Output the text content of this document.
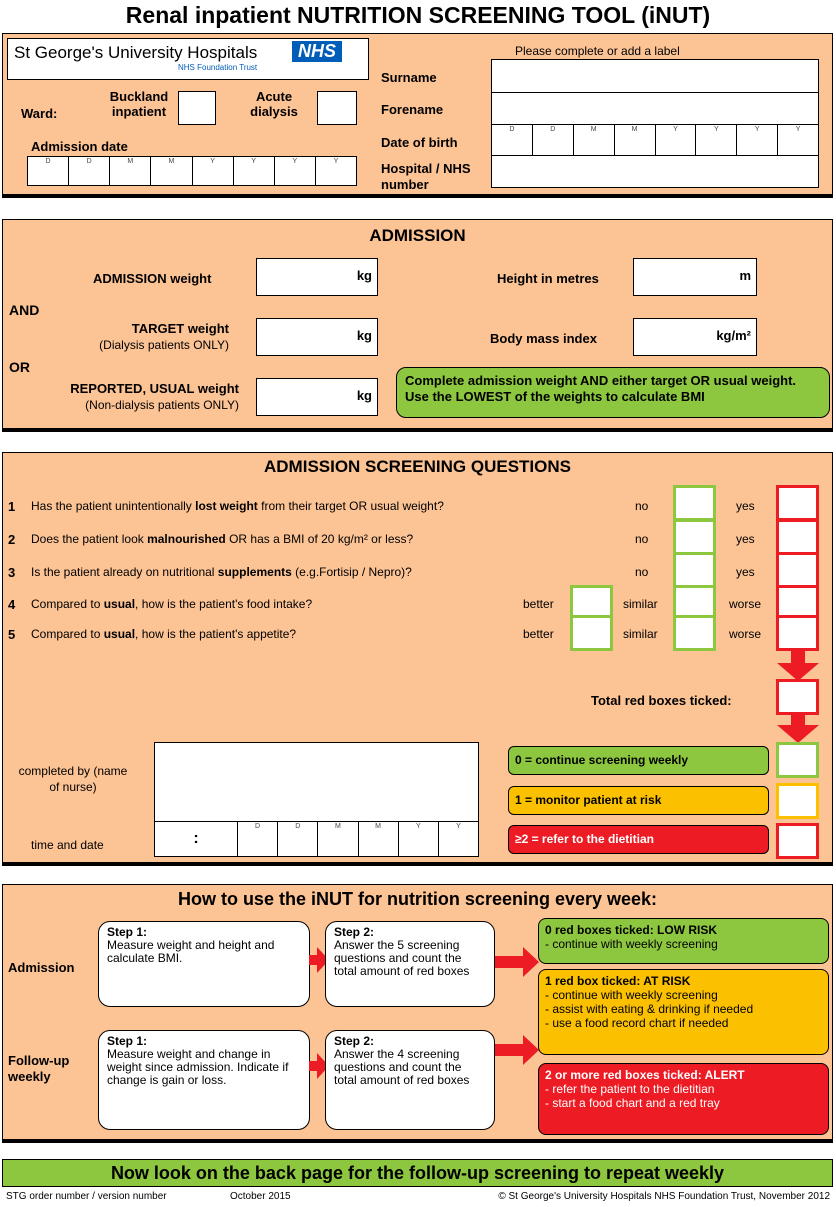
Renal inpatient NUTRITION SCREENING TOOL (iNUT)
St George's University Hospitals	NHS
NHS Foundation Trust
Ward:
Buckland inpatient
Acute dialysis
Admission date
D	D	M	M	Y	Y	Y	Y
Please complete or add a label
Surname
Forename
Date of birth
D	D	M	M	Y	Y	Y	Y
Hospital / NHS number
ADMISSION
ADMISSION weight	kg
AND
TARGET weight
(Dialysis patients ONLY)
kg
OR
REPORTED, USUAL weight
(Non-dialysis patients ONLY)
kg
Height in metres	m
Body mass index	kg/m²
Complete admission weight AND either target OR usual weight. Use the LOWEST of the weights to calculate BMI
ADMISSION SCREENING QUESTIONS
1 Has the patient unintentionally lost weight from their target OR usual weight?	no	yes
2 Does the patient look malnourished OR has a BMI of 20 kg/m² or less?	no	yes
3 Is the patient already on nutritional supplements (e.g.Fortisip / Nepro)?	no	yes
4 Compared to usual, how is the patient's food intake?	better	similar	worse
5 Compared to usual, how is the patient's appetite?	better	similar	worse
Total red boxes ticked:
completed by (name of nurse)
time and date	:
D	D	M	M	Y	Y
0 = continue screening weekly
1 = monitor patient at risk
≥2 = refer to the dietitian
How to use the iNUT for nutrition screening every week:
Admission
Follow-up weekly
Step 1:
Measure weight and height and calculate BMI.
Step 2:
Answer the 5 screening questions and count the total amount of red boxes
Step 1:
Measure weight and change in weight since admission. Indicate if change is gain or loss.
Step 2:
Answer the 4 screening questions and count the total amount of red boxes
0 red boxes ticked: LOW RISK
- continue with weekly screening
1 red box ticked: AT RISK
- continue with weekly screening
- assist with eating & drinking if needed
- use a food record chart if needed
2 or more red boxes ticked: ALERT
- refer the patient to the dietitian
- start a food chart and a red tray
Now look on the back page for the follow-up screening to repeat weekly
STG order number / version number	October 2015	© St George's University Hospitals NHS Foundation Trust, November 2012
